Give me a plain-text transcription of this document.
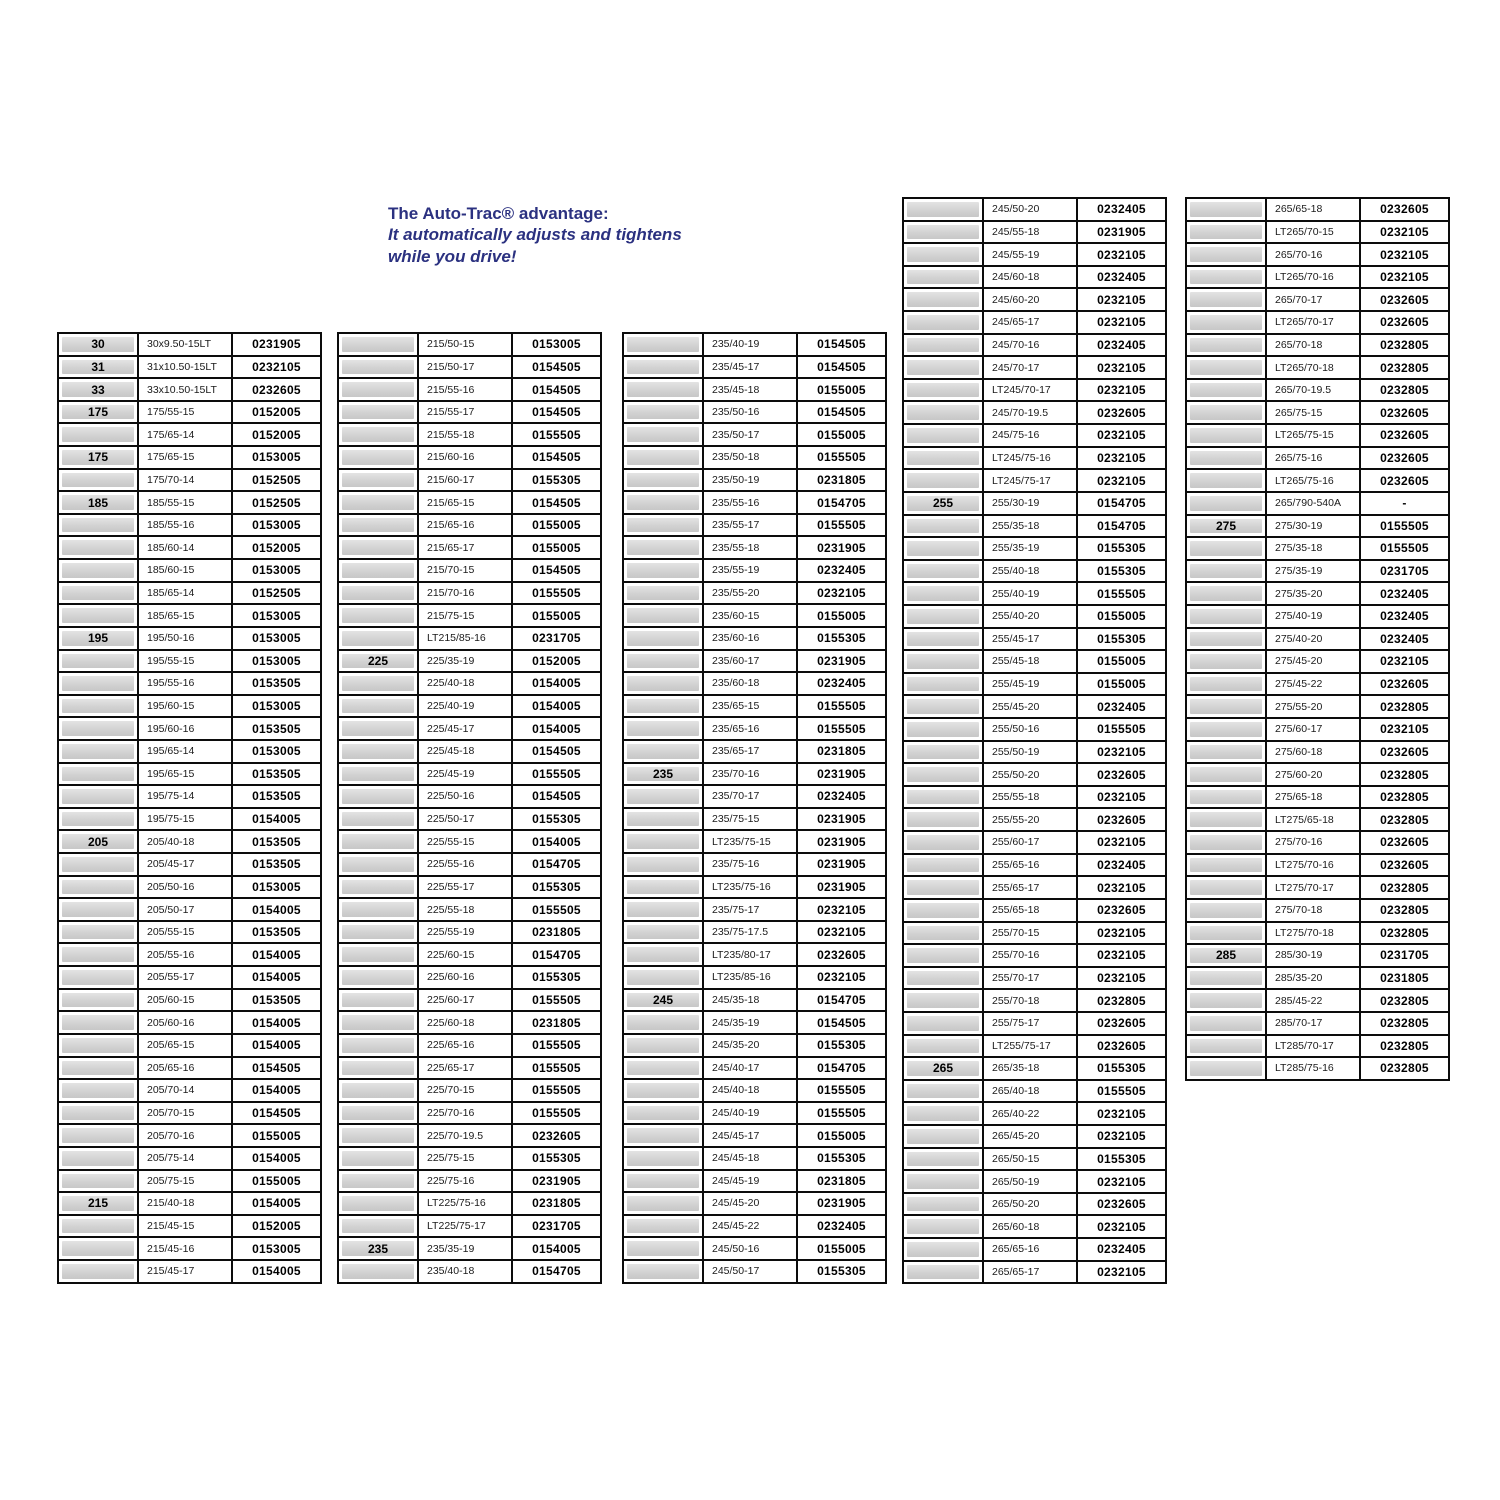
The Auto-Trac® advantage:
It automatically adjusts and tightens
while you drive!
30	30x9.50-15LT	0231905
31	31x10.50-15LT	0232105
33	33x10.50-15LT	0232605
175	175/55-15	0152005
175/65-14	0152005
175	175/65-15	0153005
175/70-14	0152505
185	185/55-15	0152505
185/55-16	0153005
185/60-14	0152005
185/60-15	0153005
185/65-14	0152505
185/65-15	0153005
195	195/50-16	0153005
195/55-15	0153005
195/55-16	0153505
195/60-15	0153005
195/60-16	0153505
195/65-14	0153005
195/65-15	0153505
195/75-14	0153505
195/75-15	0154005
205	205/40-18	0153505
205/45-17	0153505
205/50-16	0153005
205/50-17	0154005
205/55-15	0153505
205/55-16	0154005
205/55-17	0154005
205/60-15	0153505
205/60-16	0154005
205/65-15	0154005
205/65-16	0154505
205/70-14	0154005
205/70-15	0154505
205/70-16	0155005
205/75-14	0154005
205/75-15	0155005
215	215/40-18	0154005
215/45-15	0152005
215/45-16	0153005
215/45-17	0154005
215/50-15	0153005
215/50-17	0154505
215/55-16	0154505
215/55-17	0154505
215/55-18	0155505
215/60-16	0154505
215/60-17	0155305
215/65-15	0154505
215/65-16	0155005
215/65-17	0155005
215/70-15	0154505
215/70-16	0155505
215/75-15	0155005
LT215/85-16	0231705
225	225/35-19	0152005
225/40-18	0154005
225/40-19	0154005
225/45-17	0154005
225/45-18	0154505
225/45-19	0155505
225/50-16	0154505
225/50-17	0155305
225/55-15	0154005
225/55-16	0154705
225/55-17	0155305
225/55-18	0155505
225/55-19	0231805
225/60-15	0154705
225/60-16	0155305
225/60-17	0155505
225/60-18	0231805
225/65-16	0155505
225/65-17	0155505
225/70-15	0155505
225/70-16	0155505
225/70-19.5	0232605
225/75-15	0155305
225/75-16	0231905
LT225/75-16	0231805
LT225/75-17	0231705
235	235/35-19	0154005
235/40-18	0154705
235/40-19	0154505
235/45-17	0154505
235/45-18	0155005
235/50-16	0154505
235/50-17	0155005
235/50-18	0155505
235/50-19	0231805
235/55-16	0154705
235/55-17	0155505
235/55-18	0231905
235/55-19	0232405
235/55-20	0232105
235/60-15	0155005
235/60-16	0155305
235/60-17	0231905
235/60-18	0232405
235/65-15	0155505
235/65-16	0155505
235/65-17	0231805
235	235/70-16	0231905
235/70-17	0232405
235/75-15	0231905
LT235/75-15	0231905
235/75-16	0231905
LT235/75-16	0231905
235/75-17	0232105
235/75-17.5	0232105
LT235/80-17	0232605
LT235/85-16	0232105
245	245/35-18	0154705
245/35-19	0154505
245/35-20	0155305
245/40-17	0154705
245/40-18	0155505
245/40-19	0155505
245/45-17	0155005
245/45-18	0155305
245/45-19	0231805
245/45-20	0231905
245/45-22	0232405
245/50-16	0155005
245/50-17	0155305
245/50-20	0232405
245/55-18	0231905
245/55-19	0232105
245/60-18	0232405
245/60-20	0232105
245/65-17	0232105
245/70-16	0232405
245/70-17	0232105
LT245/70-17	0232105
245/70-19.5	0232605
245/75-16	0232105
LT245/75-16	0232105
LT245/75-17	0232105
255	255/30-19	0154705
255/35-18	0154705
255/35-19	0155305
255/40-18	0155305
255/40-19	0155505
255/40-20	0155005
255/45-17	0155305
255/45-18	0155005
255/45-19	0155005
255/45-20	0232405
255/50-16	0155505
255/50-19	0232105
255/50-20	0232605
255/55-18	0232105
255/55-20	0232605
255/60-17	0232105
255/65-16	0232405
255/65-17	0232105
255/65-18	0232605
255/70-15	0232105
255/70-16	0232105
255/70-17	0232105
255/70-18	0232805
255/75-17	0232605
LT255/75-17	0232605
265	265/35-18	0155305
265/40-18	0155505
265/40-22	0232105
265/45-20	0232105
265/50-15	0155305
265/50-19	0232105
265/50-20	0232605
265/60-18	0232105
265/65-16	0232405
265/65-17	0232105
265/65-18	0232605
LT265/70-15	0232105
265/70-16	0232105
LT265/70-16	0232105
265/70-17	0232605
LT265/70-17	0232605
265/70-18	0232805
LT265/70-18	0232805
265/70-19.5	0232805
265/75-15	0232605
LT265/75-15	0232605
265/75-16	0232605
LT265/75-16	0232605
265/790-540A	-
275	275/30-19	0155505
275/35-18	0155505
275/35-19	0231705
275/35-20	0232405
275/40-19	0232405
275/40-20	0232405
275/45-20	0232105
275/45-22	0232605
275/55-20	0232805
275/60-17	0232105
275/60-18	0232605
275/60-20	0232805
275/65-18	0232805
LT275/65-18	0232805
275/70-16	0232605
LT275/70-16	0232605
LT275/70-17	0232805
275/70-18	0232805
LT275/70-18	0232805
285	285/30-19	0231705
285/35-20	0231805
285/45-22	0232805
285/70-17	0232805
LT285/70-17	0232805
LT285/75-16	0232805
